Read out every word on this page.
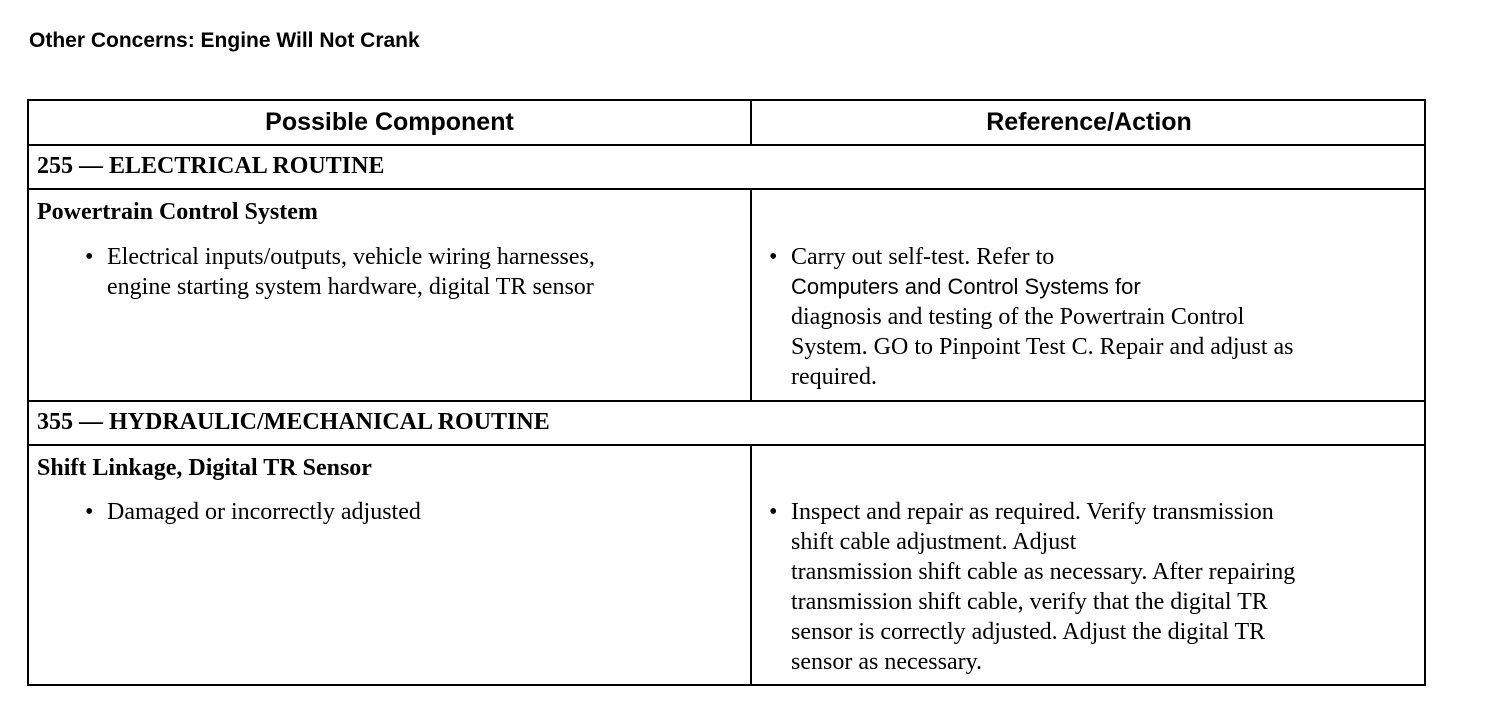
Other Concerns: Engine Will Not Crank
Possible Component	Reference/Action
255 — ELECTRICAL ROUTINE
Powertrain Control System
• Electrical inputs/outputs, vehicle wiring harnesses,
engine starting system hardware, digital TR sensor
• Carry out self-test. Refer to
Computers and Control Systems for
diagnosis and testing of the Powertrain Control
System. GO to Pinpoint Test C. Repair and adjust as
required.
355 — HYDRAULIC/MECHANICAL ROUTINE
Shift Linkage, Digital TR Sensor
• Damaged or incorrectly adjusted	• Inspect and repair as required. Verify transmission
shift cable adjustment. Adjust
transmission shift cable as necessary. After repairing
transmission shift cable, verify that the digital TR
sensor is correctly adjusted. Adjust the digital TR
sensor as necessary.
